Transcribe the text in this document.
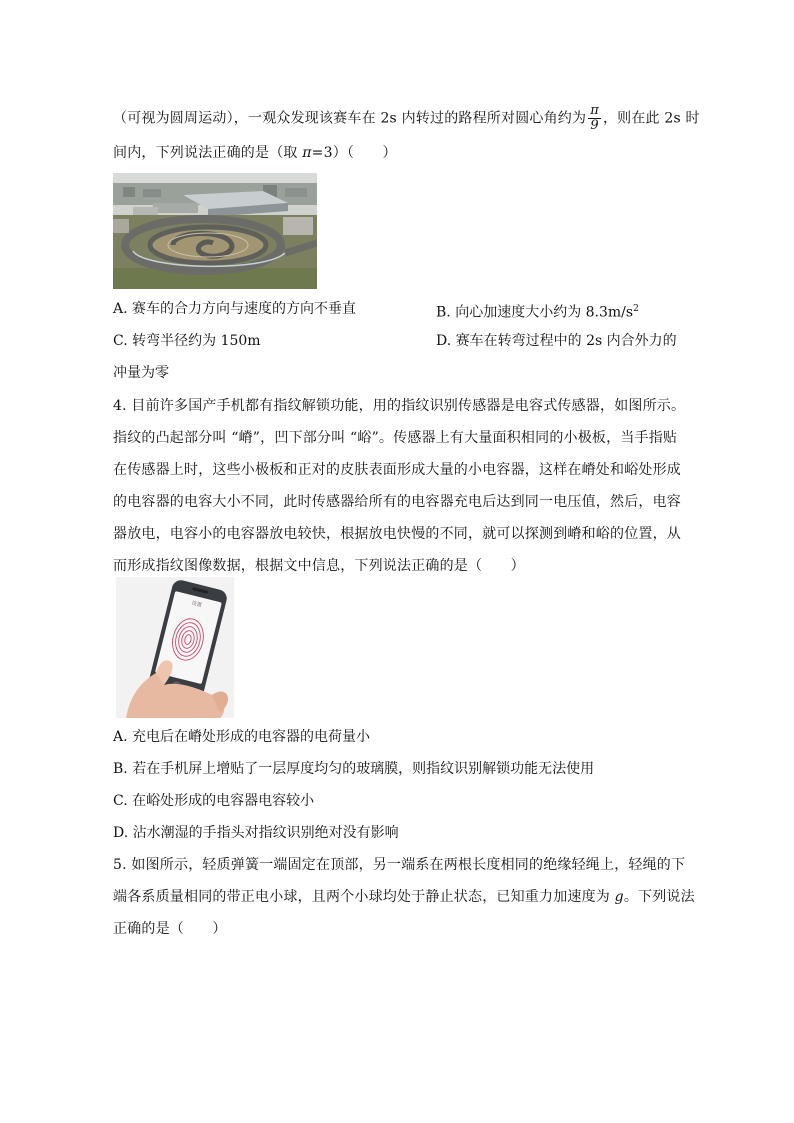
（可视为圆周运动），一观众发现该赛车在 2s 内转过的路程所对圆心角约为 $\frac{\pi}{9}$ ，则在此 2s 时
间内，下列说法正确的是（取 π=3）（　　）
A. 赛车的合力方向与速度的方向不垂直	B. 向心加速度大小约为 $8.3m/s^2$
C. 转弯半径约为 150m	D. 赛车在转弯过程中的 2s 内合外力的
冲量为零
4. 目前许多国产手机都有指纹解锁功能，用的指纹识别传感器是电容式传感器，如图所示。
指纹的凸起部分叫 “嵴”，凹下部分叫 “峪”。传感器上有大量面积相同的小极板，当手指贴
在传感器上时，这些小极板和正对的皮肤表面形成大量的小电容器，这样在嵴处和峪处形成
的电容器的电容大小不同，此时传感器给所有的电容器充电后达到同一电压值，然后，电容
器放电，电容小的电容器放电较快，根据放电快慢的不同，就可以探测到嵴和峪的位置，从
而形成指纹图像数据，根据文中信息，下列说法正确的是（　　）
设置
A. 充电后在嵴处形成的电容器的电荷量小
B. 若在手机屏上增贴了一层厚度均匀的玻璃膜，则指纹识别解锁功能无法使用
C. 在峪处形成的电容器电容较小
D. 沾水潮湿的手指头对指纹识别绝对没有影响
5. 如图所示，轻质弹簧一端固定在顶部，另一端系在两根长度相同的绝缘轻绳上，轻绳的下
端各系质量相同的带正电小球，且两个小球均处于静止状态，已知重力加速度为 g。下列说法
正确的是（　　）
